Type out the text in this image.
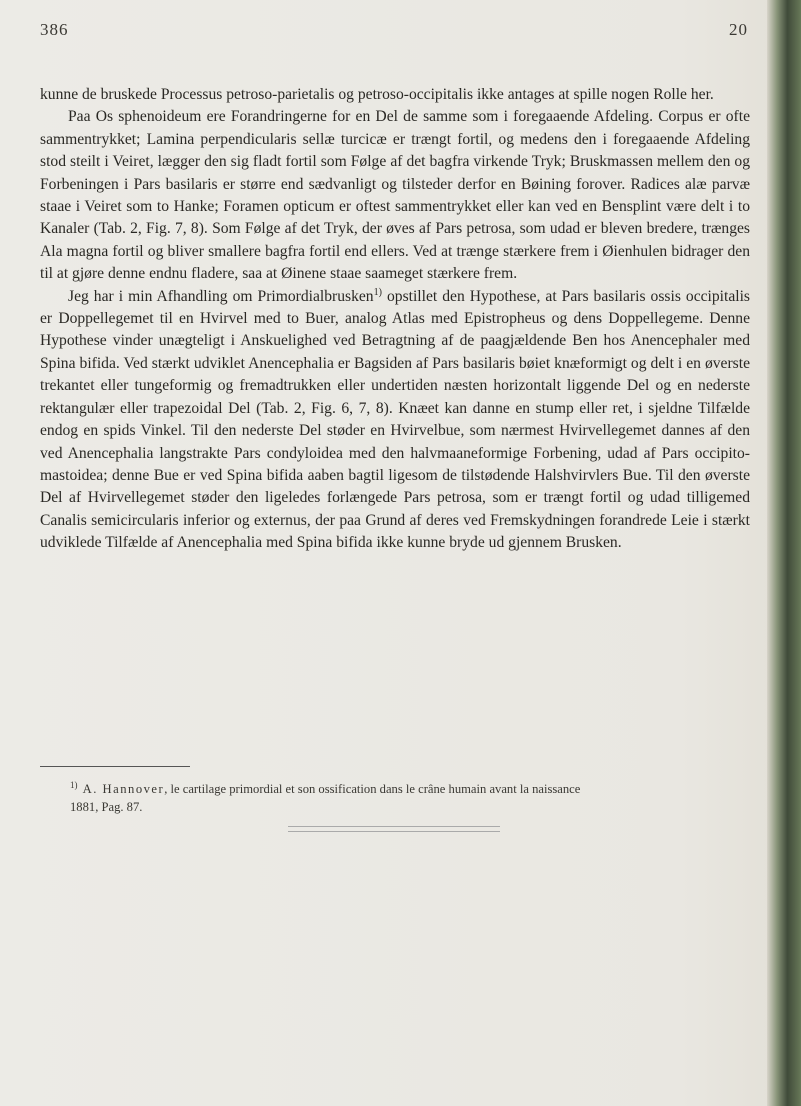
386	20

kunne de bruskede Processus petroso-parietalis og petroso-occipitalis ikke antages at spille nogen Rolle her.

Paa Os sphenoideum ere Forandringerne for en Del de samme som i foregaaende Afdeling. Corpus er ofte sammentrykket; Lamina perpendicularis sellæ turcicæ er trængt fortil, og medens den i foregaaende Afdeling stod steilt i Veiret, lægger den sig fladt fortil som Følge af det bagfra virkende Tryk; Bruskmassen mellem den og Forbeningen i Pars basilaris er større end sædvanligt og tilsteder derfor en Bøining forover. Radices alæ parvæ staae i Veiret som to Hanke; Foramen opticum er oftest sammentrykket eller kan ved en Bensplint være delt i to Kanaler (Tab. 2, Fig. 7, 8). Som Følge af det Tryk, der øves af Pars petrosa, som udad er bleven bredere, trænges Ala magna fortil og bliver smallere bagfra fortil end ellers. Ved at trænge stærkere frem i Øienhulen bidrager den til at gjøre denne endnu fladere, saa at Øinene staae saameget stærkere frem.

Jeg har i min Afhandling om Primordialbrusken$^{1)}$ opstillet den Hypothese, at Pars basilaris ossis occipitalis er Doppellegemet til en Hvirvel med to Buer, analog Atlas med Epistropheus og dens Doppellegeme. Denne Hypothese vinder unægteligt i Anskuelighed ved Betragtning af de paagjældende Ben hos Anencephaler med Spina bifida. Ved stærkt udviklet Anencephalia er Bagsiden af Pars basilaris bøiet knæformigt og delt i en øverste trekantet eller tungeformig og fremadtrukken eller undertiden næsten horizontalt liggende Del og en nederste rektangulær eller trapezoidal Del (Tab. 2, Fig. 6, 7, 8). Knæet kan danne en stump eller ret, i sjeldne Tilfælde endog en spids Vinkel. Til den nederste Del støder en Hvirvelbue, som nærmest Hvirvellegemet dannes af den ved Anencephalia langstrakte Pars condyloidea med den halvmaaneformige Forbening, udad af Pars occipito-mastoidea; denne Bue er ved Spina bifida aaben bagtil ligesom de tilstødende Halshvirvlers Bue. Til den øverste Del af Hvirvellegemet støder den ligeledes forlængede Pars petrosa, som er trængt fortil og udad tilligemed Canalis semicircularis inferior og externus, der paa Grund af deres ved Fremskydningen forandrede Leie i stærkt udviklede Tilfælde af Anencephalia med Spina bifida ikke kunne bryde ud gjennem Brusken.

$^{1)}$ A. Hannover, le cartilage primordial et son ossification dans le crâne humain avant la naissance
1881, Pag. 87.
